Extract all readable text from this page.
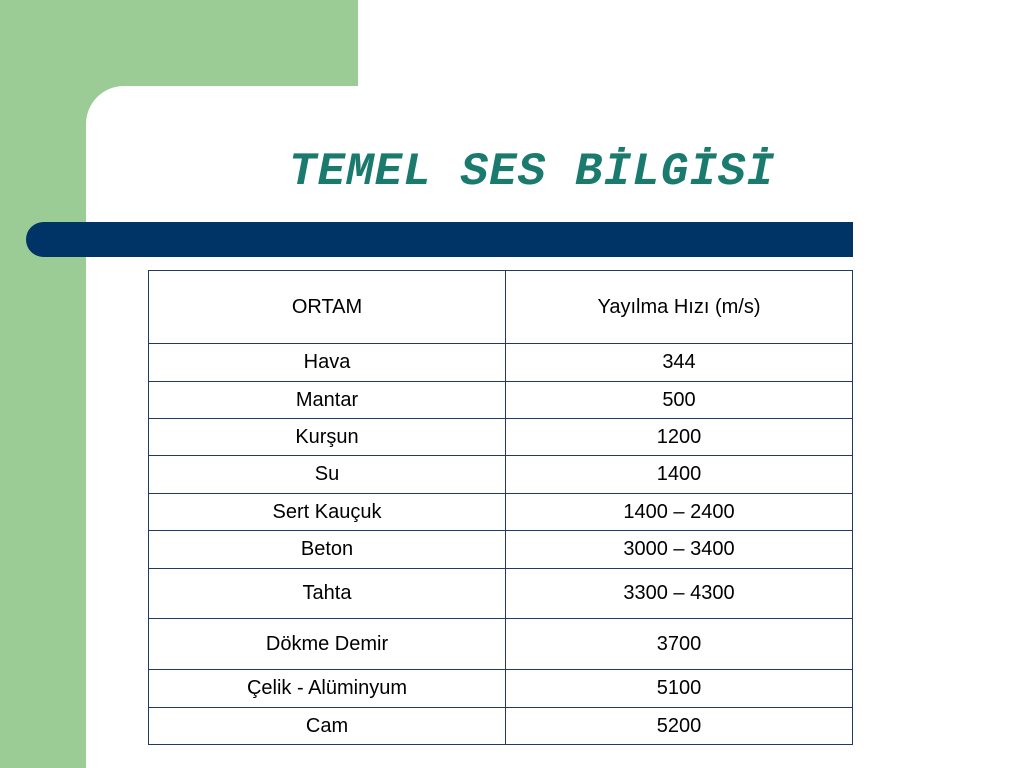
TEMEL SES BİLGİSİ
ORTAM	Yayılma Hızı (m/s)
Hava	344
Mantar	500
Kurşun	1200
Su	1400
Sert Kauçuk	1400 – 2400
Beton	3000 – 3400
Tahta	3300 – 4300
Dökme Demir	3700
Çelik - Alüminyum	5100
Cam	5200
